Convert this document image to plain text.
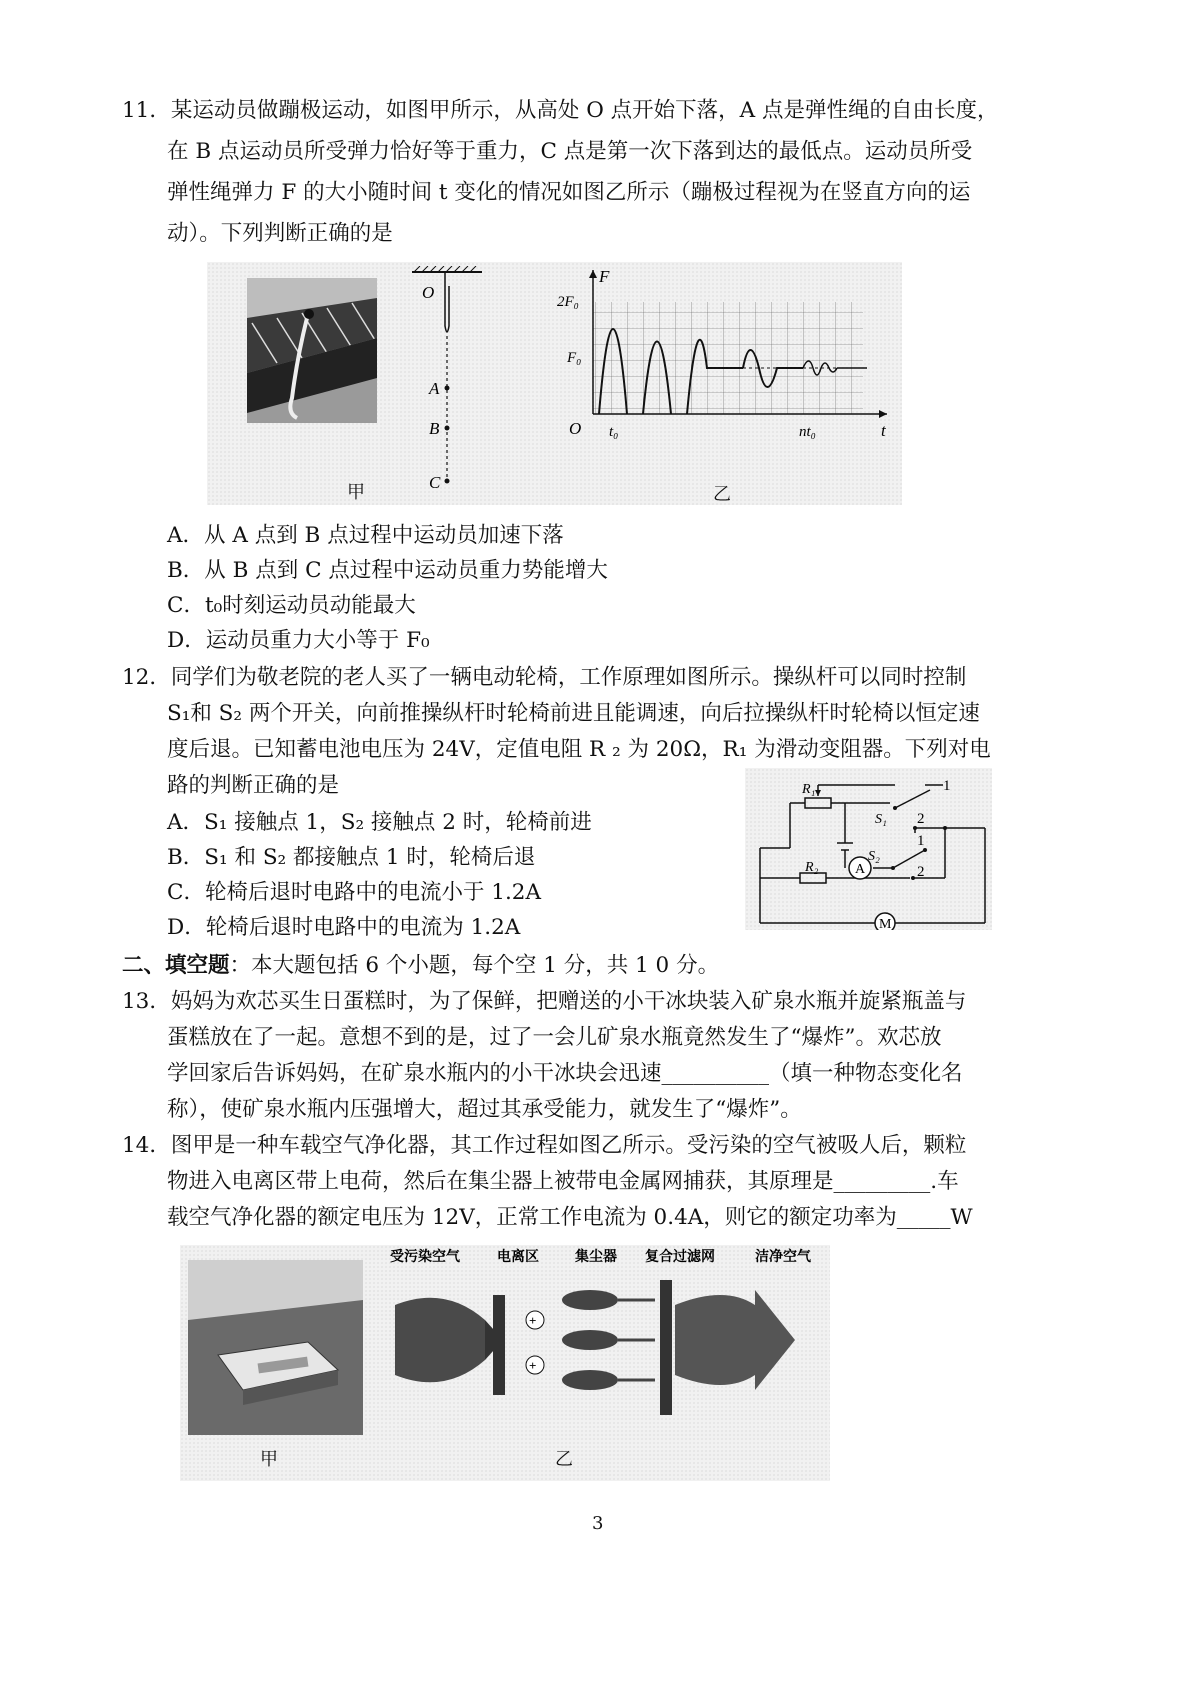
11．某运动员做蹦极运动，如图甲所示，从高处 O 点开始下落，A 点是弹性绳的自由长度，
在 B 点运动员所受弹力恰好等于重力，C 点是第一次下落到达的最低点。运动员所受
弹性绳弹力 F 的大小随时间 t 变化的情况如图乙所示（蹦极过程视为在竖直方向的运
动）。下列判断正确的是
甲
O
A
B
C
F
t
O
2F₀
F₀
t₀	nt₀
乙
A．从 A 点到 B 点过程中运动员加速下落
B．从 B 点到 C 点过程中运动员重力势能增大
C．t₀时刻运动员动能最大
D．运动员重力大小等于 F₀
12．同学们为敬老院的老人买了一辆电动轮椅，工作原理如图所示。操纵杆可以同时控制
S₁和 S₂ 两个开关，向前推操纵杆时轮椅前进且能调速，向后拉操纵杆时轮椅以恒定速
度后退。已知蓄电池电压为 24V，定值电阻 R ₂ 为 20Ω，R₁ 为滑动变阻器。下列对电
路的判断正确的是
A．S₁ 接触点 1，S₂ 接触点 2 时，轮椅前进
B．S₁ 和 S₂ 都接触点 1 时，轮椅后退
C．轮椅后退时电路中的电流小于 1.2A
D．轮椅后退时电路中的电流为 1.2A
R₁
R₂
S₁
S₂
A
M
1
2
1
2
二、填空题：本大题包括 6 个小题，每个空 1 分，共 1 0 分。
13．妈妈为欢芯买生日蛋糕时，为了保鲜，把赠送的小干冰块装入矿泉水瓶并旋紧瓶盖与
蛋糕放在了一起。意想不到的是，过了一会儿矿泉水瓶竟然发生了“爆炸”。欢芯放
学回家后告诉妈妈，在矿泉水瓶内的小干冰块会迅速__________（填一种物态变化名
称），使矿泉水瓶内压强增大，超过其承受能力，就发生了“爆炸”。
14．图甲是一种车载空气净化器，其工作过程如图乙所示。受污染的空气被吸人后，颗粒
物进入电离区带上电荷，然后在集尘器上被带电金属网捕获，其原理是_________.车
载空气净化器的额定电压为 12V，正常工作电流为 0.4A，则它的额定功率为_____W
甲
受污染空气	电离区	集尘器 复合过滤网	洁净空气
+
+
乙
3
